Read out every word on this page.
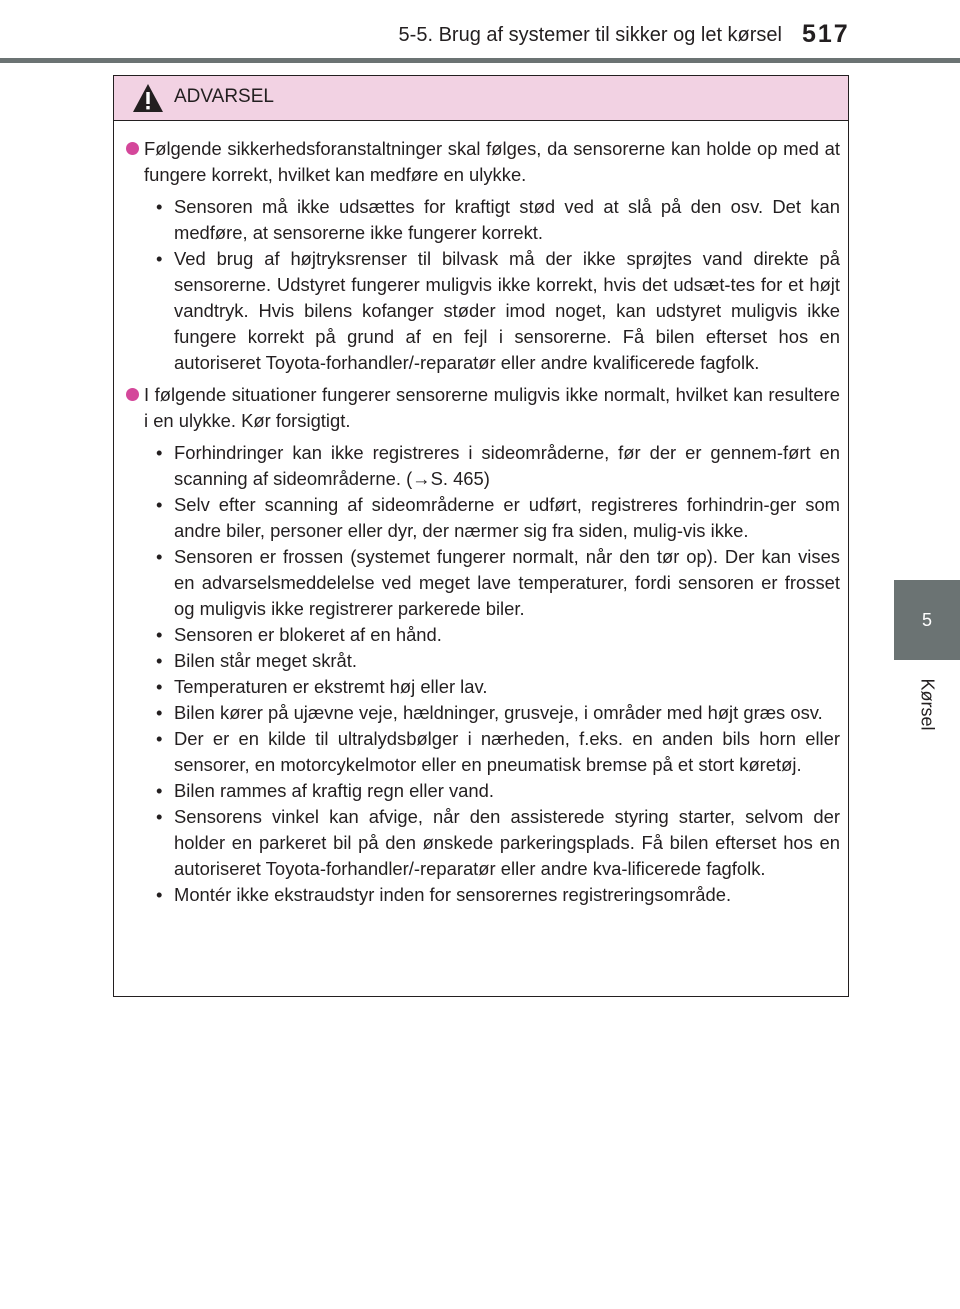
5-5. Brug af systemer til sikker og let kørsel 517
5
Kørsel
ADVARSEL
Følgende sikkerhedsforanstaltninger skal følges, da sensorerne kan holde op med at fungere korrekt, hvilket kan medføre en ulykke.
• Sensoren må ikke udsættes for kraftigt stød ved at slå på den osv. Det kan medføre, at sensorerne ikke fungerer korrekt.
• Ved brug af højtryksrenser til bilvask må der ikke sprøjtes vand direkte på sensorerne. Udstyret fungerer muligvis ikke korrekt, hvis det udsæt-tes for et højt vandtryk. Hvis bilens kofanger støder imod noget, kan udstyret muligvis ikke fungere korrekt på grund af en fejl i sensorerne. Få bilen efterset hos en autoriseret Toyota-forhandler/-reparatør eller andre kvalificerede fagfolk.
I følgende situationer fungerer sensorerne muligvis ikke normalt, hvilket kan resultere i en ulykke. Kør forsigtigt.
• Forhindringer kan ikke registreres i sideområderne, før der er gennem-ført en scanning af sideområderne. (→S. 465)
• Selv efter scanning af sideområderne er udført, registreres forhindrin-ger som andre biler, personer eller dyr, der nærmer sig fra siden, mulig-vis ikke.
• Sensoren er frossen (systemet fungerer normalt, når den tør op). Der kan vises en advarselsmeddelelse ved meget lave temperaturer, fordi sensoren er frosset og muligvis ikke registrerer parkerede biler.
• Sensoren er blokeret af en hånd.
• Bilen står meget skråt.
• Temperaturen er ekstremt høj eller lav.
• Bilen kører på ujævne veje, hældninger, grusveje, i områder med højt græs osv.
• Der er en kilde til ultralydsbølger i nærheden, f.eks. en anden bils horn eller sensorer, en motorcykelmotor eller en pneumatisk bremse på et stort køretøj.
• Bilen rammes af kraftig regn eller vand.
• Sensorens vinkel kan afvige, når den assisterede styring starter, selvom der holder en parkeret bil på den ønskede parkeringsplads. Få bilen efterset hos en autoriseret Toyota-forhandler/-reparatør eller andre kva-lificerede fagfolk.
• Montér ikke ekstraudstyr inden for sensorernes registreringsområde.
